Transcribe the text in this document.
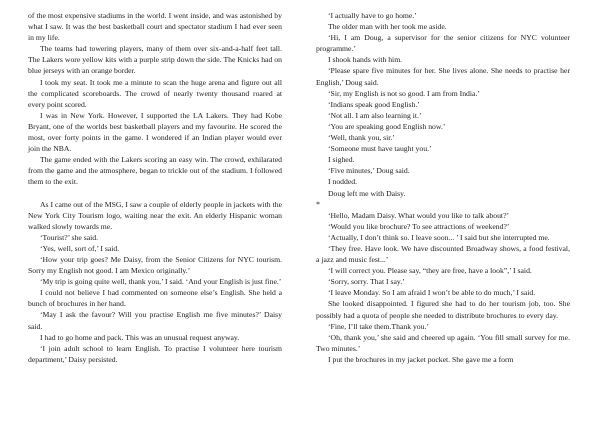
of the most expensive stadiums in the world. I went inside, and was astonished by what I saw. It was the best basketball court and spectator stadium I had ever seen in my life.

The teams had towering players, many of them over six-and-a-half feet tall. The Lakers wore yellow kits with a purple strip down the side. The Knicks had on blue jerseys with an orange border.

I took my seat. It took me a minute to scan the huge arena and figure out all the complicated scoreboards. The crowd of nearly twenty thousand roared at every point scored.

I was in New York. However, I supported the LA Lakers. They had Kobe Bryant, one of the worlds best basketball players and my favourite. He scored the most, over forty points in the game. I wondered if an Indian player would ever join the NBA.

The game ended with the Lakers scoring an easy win. The crowd, exhilarated from the game and the atmosphere, began to trickle out of the stadium. I followed them to the exit.

As I came out of the MSG, I saw a couple of elderly people in jackets with the New York City Tourism logo, waiting near the exit. An elderly Hispanic woman walked slowly towards me.

‘Tourist?’ she said.

‘Yes, well, sort of,’ I said.

‘How your trip goes? Me Daisy, from the Senior Citizens for NYC tourism. Sorry my English not good. I am Mexico originally.’

‘My trip is going quite well, thank you,’ I said. ‘And your English is just fine.’

I could not believe I had commented on someone else’s English. She held a bunch of brochures in her hand.

‘May I ask the favour? Will you practise English me five minutes?’ Daisy said.

I had to go home and pack. This was an unusual request anyway.

‘I join adult school to learn English. To practise I volunteer here tourism department,’ Daisy persisted.

‘I actually have to go home.’

The older man with her took me aside.

‘Hi, I am Doug, a supervisor for the senior citizens for NYC volunteer programme.’

I shook hands with him.

‘Please spare five minutes for her. She lives alone. She needs to practise her English,’ Doug said.

‘Sir, my English is not so good. I am from India.’

‘Indians speak good English.’

‘Not all. I am also learning it.’

‘You are speaking good English now.’

‘Well, thank you, sir.’

‘Someone must have taught you.’

I sighed.

‘Five minutes,’ Doug said.

I nodded.

Doug left me with Daisy.

*

‘Hello, Madam Daisy. What would you like to talk about?’

‘Would you like brochure? To see attractions of weekend?’

‘Actually, I don’t think so. I leave soon... ’ I said but she interrupted me.

‘They free. Have look. We have discounted Broadway shows, a food festival, a jazz and music fest...’

‘I will correct you. Please say, “they are free, have a look”,’ I said.

‘Sorry, sorry. That I say.’

‘I leave Monday. So I am afraid I won’t be able to do much,’ I said.

She looked disappointed. I figured she had to do her tourism job, too. She possibly had a quota of people she needed to distribute brochures to every day.

‘Fine, I’ll take them.Thank you.’

‘Oh, thank you,’ she said and cheered up again. ‘You fill small survey for me. Two minutes.’

I put the brochures in my jacket pocket. She gave me a form
